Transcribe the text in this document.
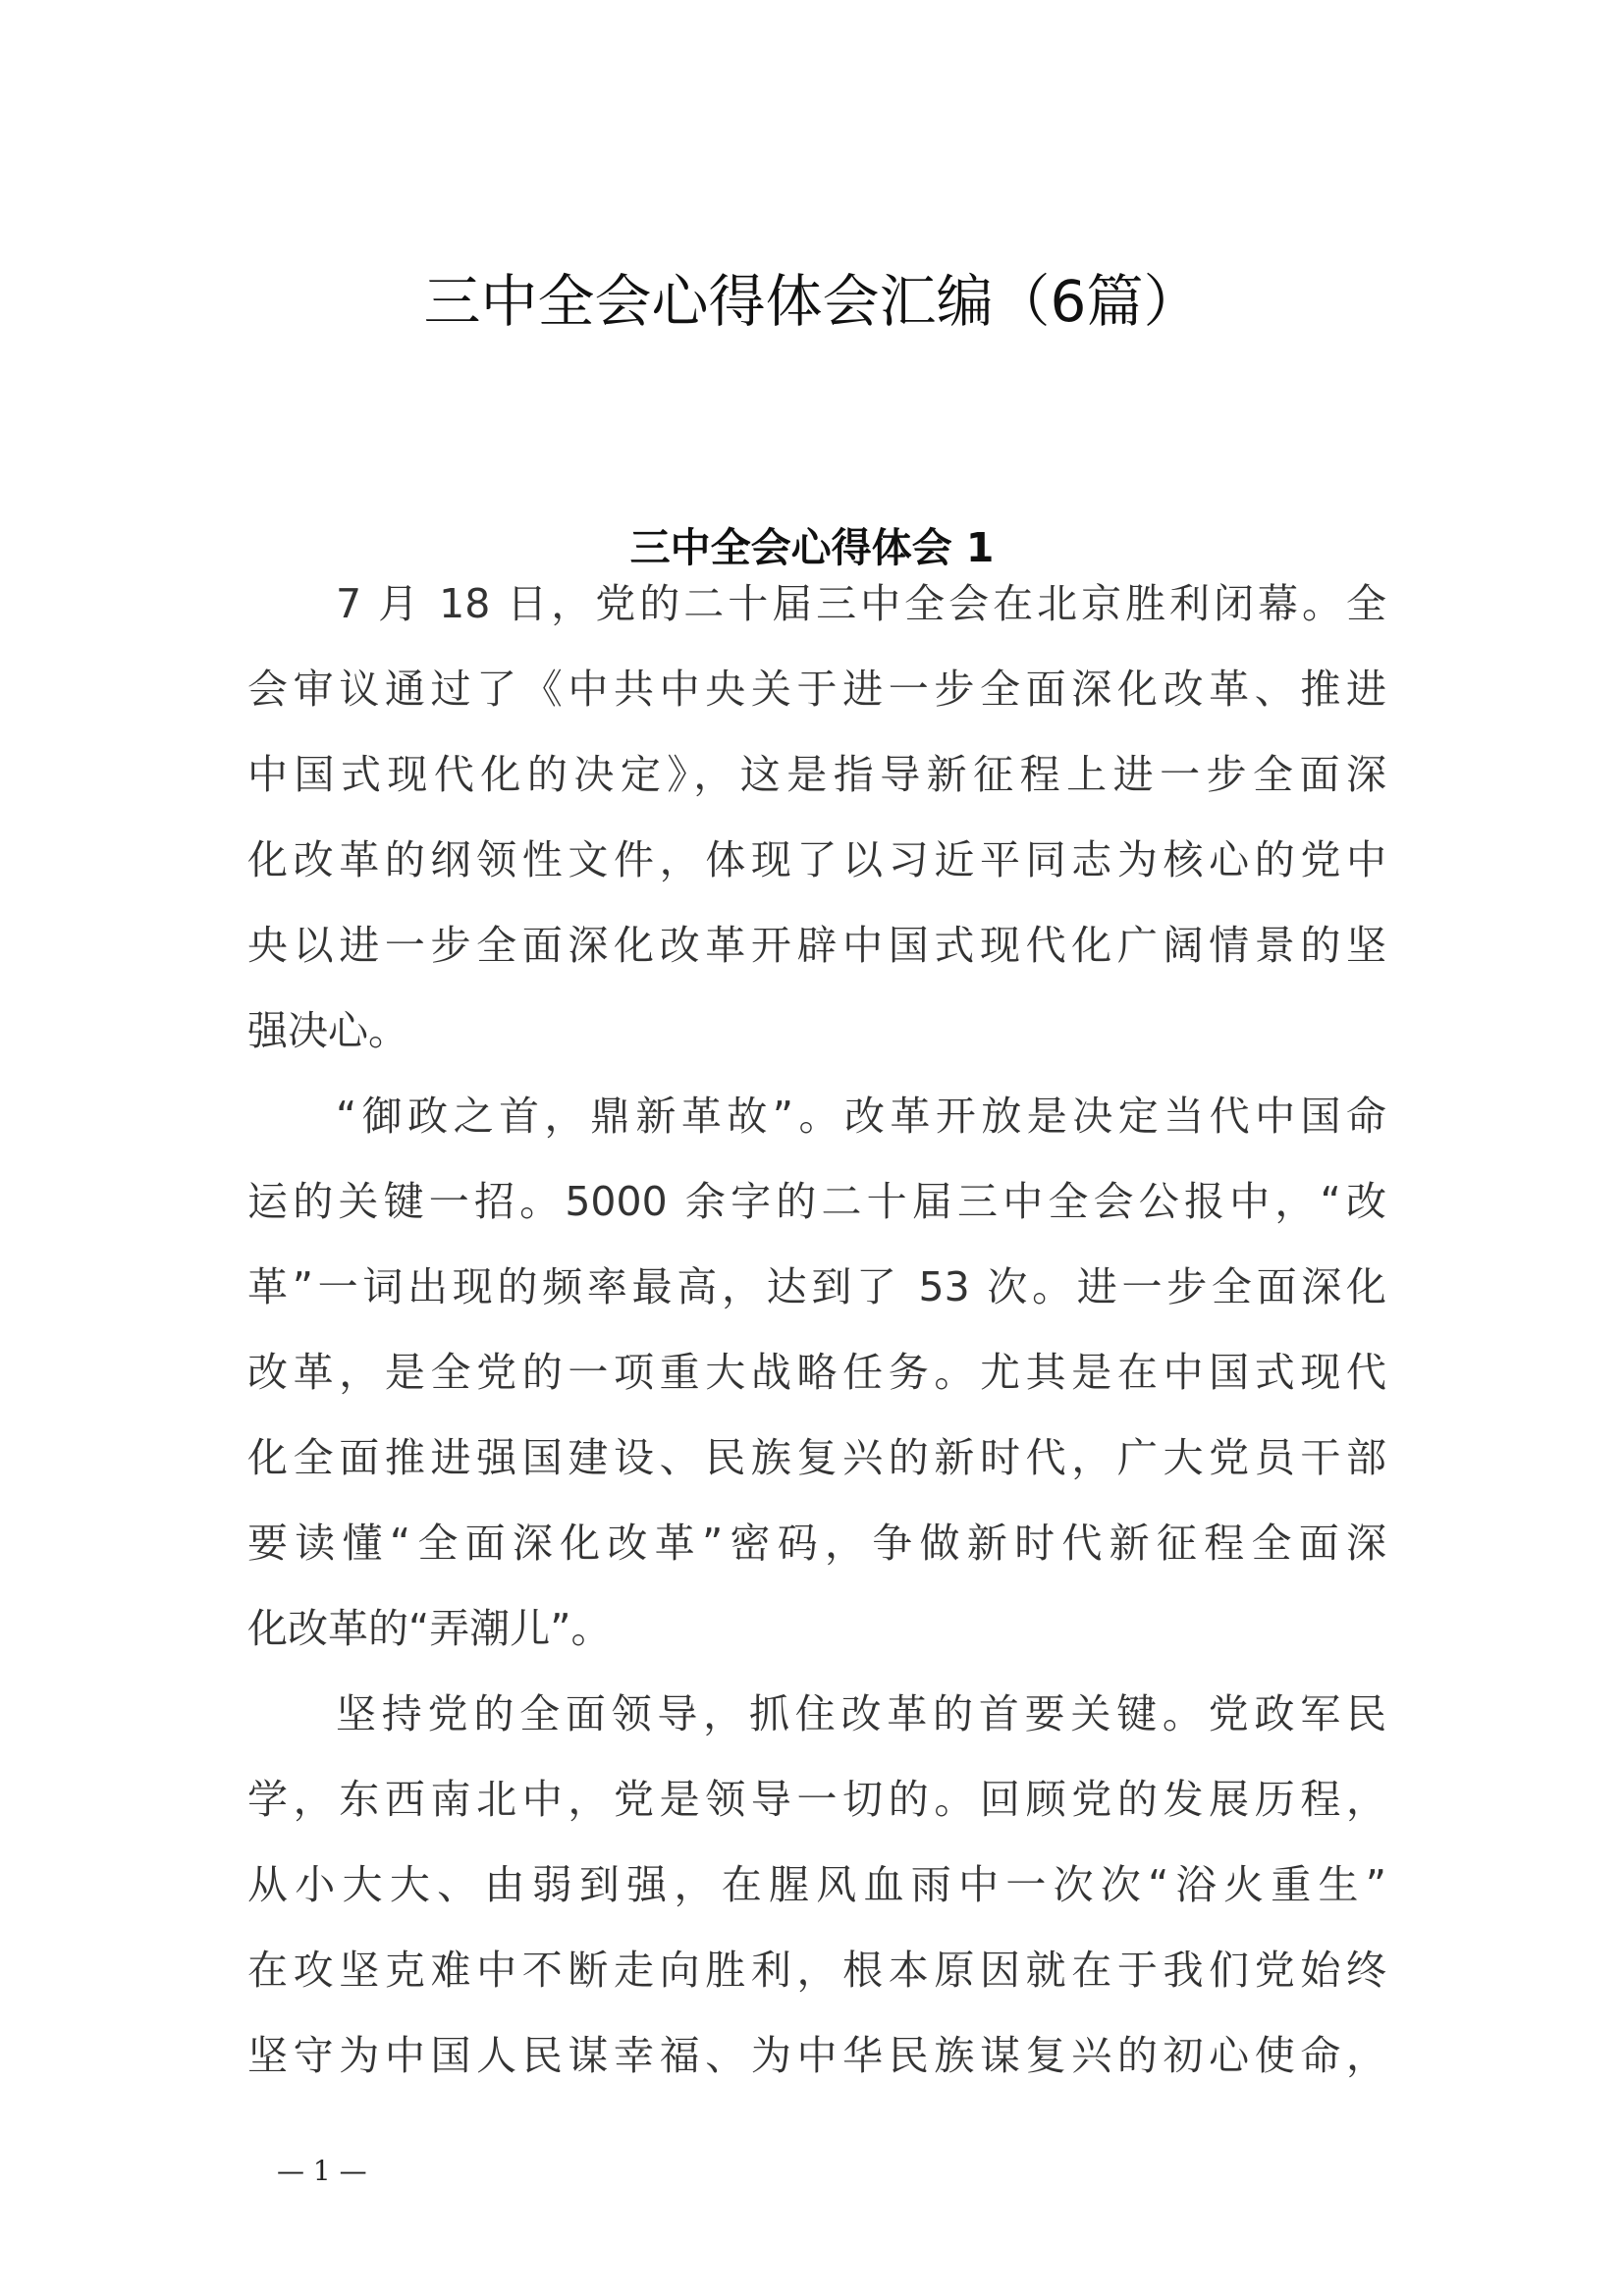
三中全会心得体会汇编（6篇）
三中全会心得体会 1
7 月 18 日，党的二十届三中全会在北京胜利闭幕。全
会审议通过了《中共中央关于进一步全面深化改革、推进
中国式现代化的决定》，这是指导新征程上进一步全面深
化改革的纲领性文件，体现了以习近平同志为核心的党中
央以进一步全面深化改革开辟中国式现代化广阔情景的坚
强决心。
“御政之首，鼎新革故”。改革开放是决定当代中国命
运的关键一招。5000 余字的二十届三中全会公报中，“改
革”一词出现的频率最高，达到了 53 次。进一步全面深化
改革，是全党的一项重大战略任务。尤其是在中国式现代
化全面推进强国建设、民族复兴的新时代，广大党员干部
要读懂“全面深化改革”密码，争做新时代新征程全面深
化改革的“弄潮儿”。
坚持党的全面领导，抓住改革的首要关键。党政军民
学，东西南北中，党是领导一切的。回顾党的发展历程，
从小大大、由弱到强，在腥风血雨中一次次“浴火重生”
在攻坚克难中不断走向胜利，根本原因就在于我们党始终
坚守为中国人民谋幸福、为中华民族谋复兴的初心使命，
— 1 —
